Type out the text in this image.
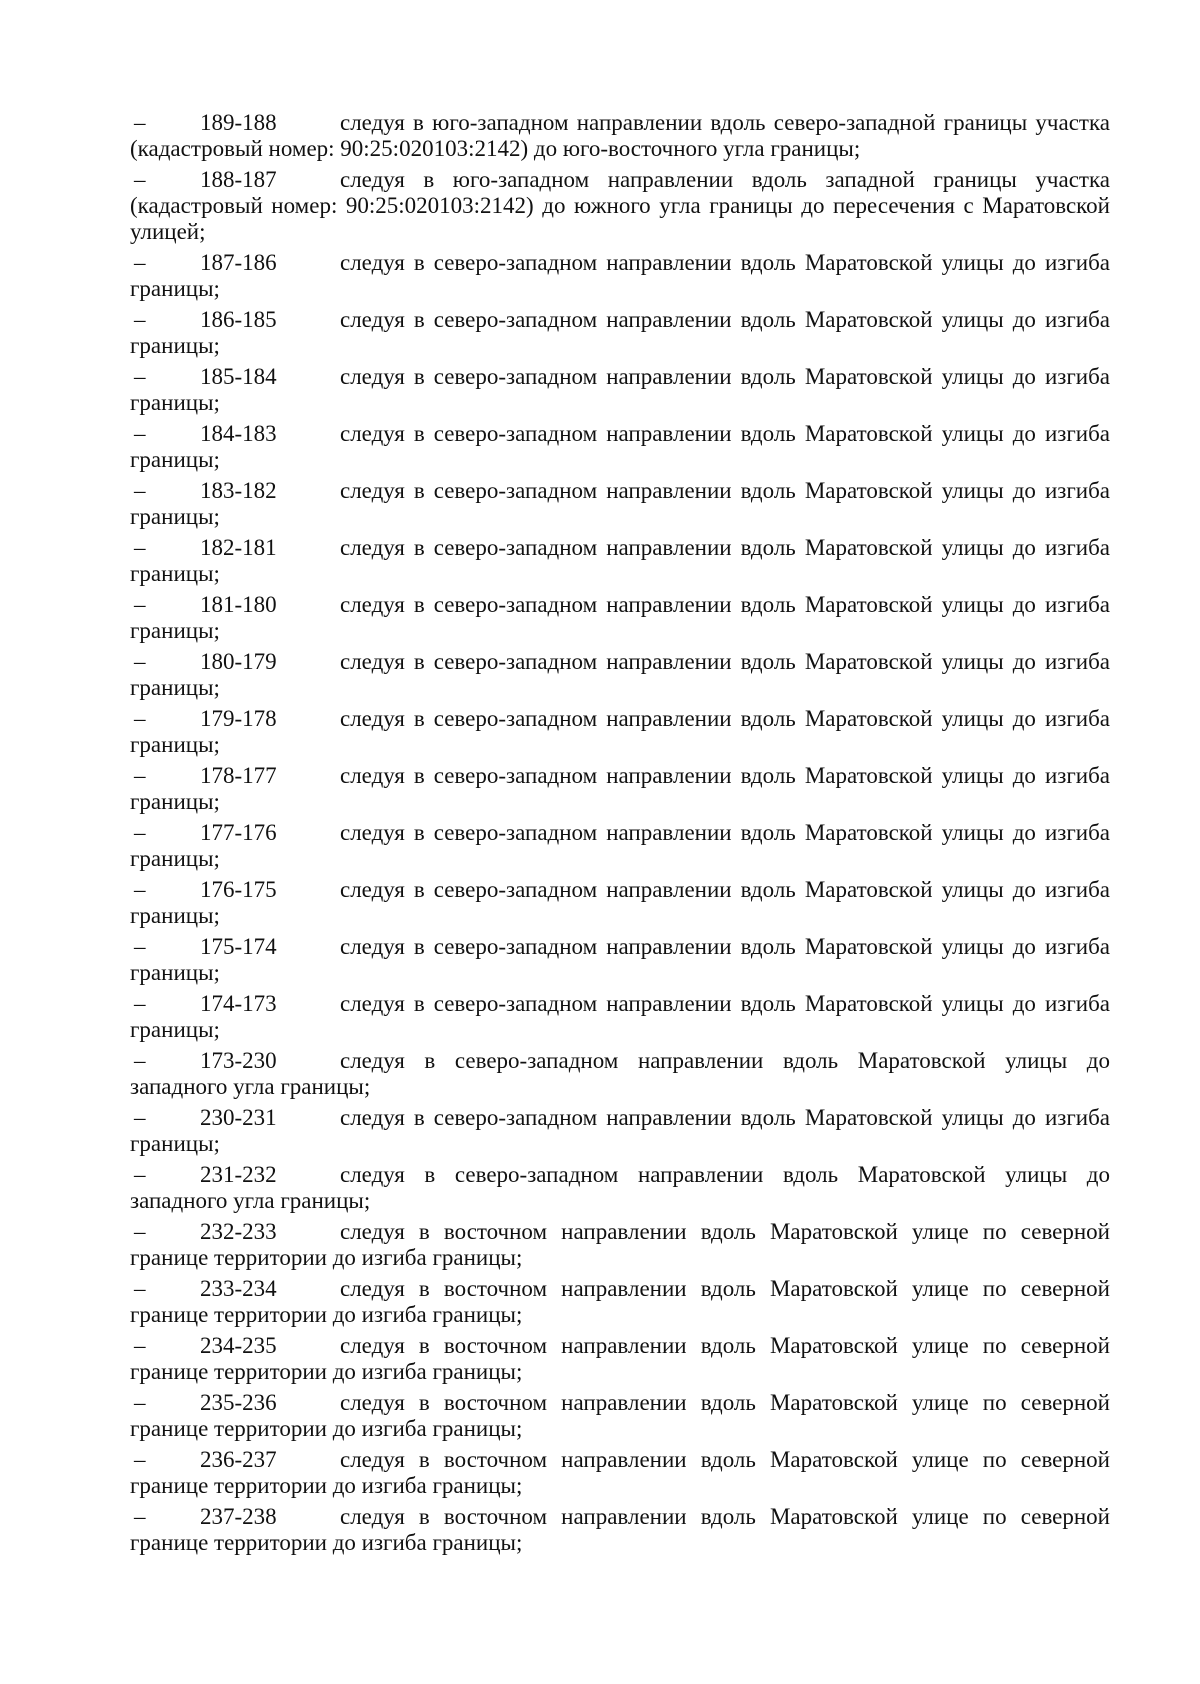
– 189-188	следуя в юго-западном направлении вдоль северо-западной границы участка (кадастровый номер: 90:25:020103:2142) до юго-восточного угла границы;

– 188-187	следуя в юго-западном направлении вдоль западной границы участка (кадастровый номер: 90:25:020103:2142) до южного угла границы до пересечения с Маратовской улицей;

– 187-186	следуя в северо-западном направлении вдоль Маратовской улицы до изгиба границы;

– 186-185	следуя в северо-западном направлении вдоль Маратовской улицы до изгиба границы;

– 185-184	следуя в северо-западном направлении вдоль Маратовской улицы до изгиба границы;

– 184-183	следуя в северо-западном направлении вдоль Маратовской улицы до изгиба границы;

– 183-182	следуя в северо-западном направлении вдоль Маратовской улицы до изгиба границы;

– 182-181	следуя в северо-западном направлении вдоль Маратовской улицы до изгиба границы;

– 181-180	следуя в северо-западном направлении вдоль Маратовской улицы до изгиба границы;

– 180-179	следуя в северо-западном направлении вдоль Маратовской улицы до изгиба границы;

– 179-178	следуя в северо-западном направлении вдоль Маратовской улицы до изгиба границы;

– 178-177	следуя в северо-западном направлении вдоль Маратовской улицы до изгиба границы;

– 177-176	следуя в северо-западном направлении вдоль Маратовской улицы до изгиба границы;

– 176-175	следуя в северо-западном направлении вдоль Маратовской улицы до изгиба границы;

– 175-174	следуя в северо-западном направлении вдоль Маратовской улицы до изгиба границы;

– 174-173	следуя в северо-западном направлении вдоль Маратовской улицы до изгиба границы;

– 173-230	следуя в северо-западном направлении вдоль Маратовской улицы до западного угла границы;

– 230-231	следуя в северо-западном направлении вдоль Маратовской улицы до изгиба границы;

– 231-232	следуя в северо-западном направлении вдоль Маратовской улицы до западного угла границы;

– 232-233	следуя в восточном направлении вдоль Маратовской улице по северной границе территории до изгиба границы;

– 233-234	следуя в восточном направлении вдоль Маратовской улице по северной границе территории до изгиба границы;

– 234-235	следуя в восточном направлении вдоль Маратовской улице по северной границе территории до изгиба границы;

– 235-236	следуя в восточном направлении вдоль Маратовской улице по северной границе территории до изгиба границы;

– 236-237	следуя в восточном направлении вдоль Маратовской улице по северной границе территории до изгиба границы;

– 237-238	следуя в восточном направлении вдоль Маратовской улице по северной границе территории до изгиба границы;
